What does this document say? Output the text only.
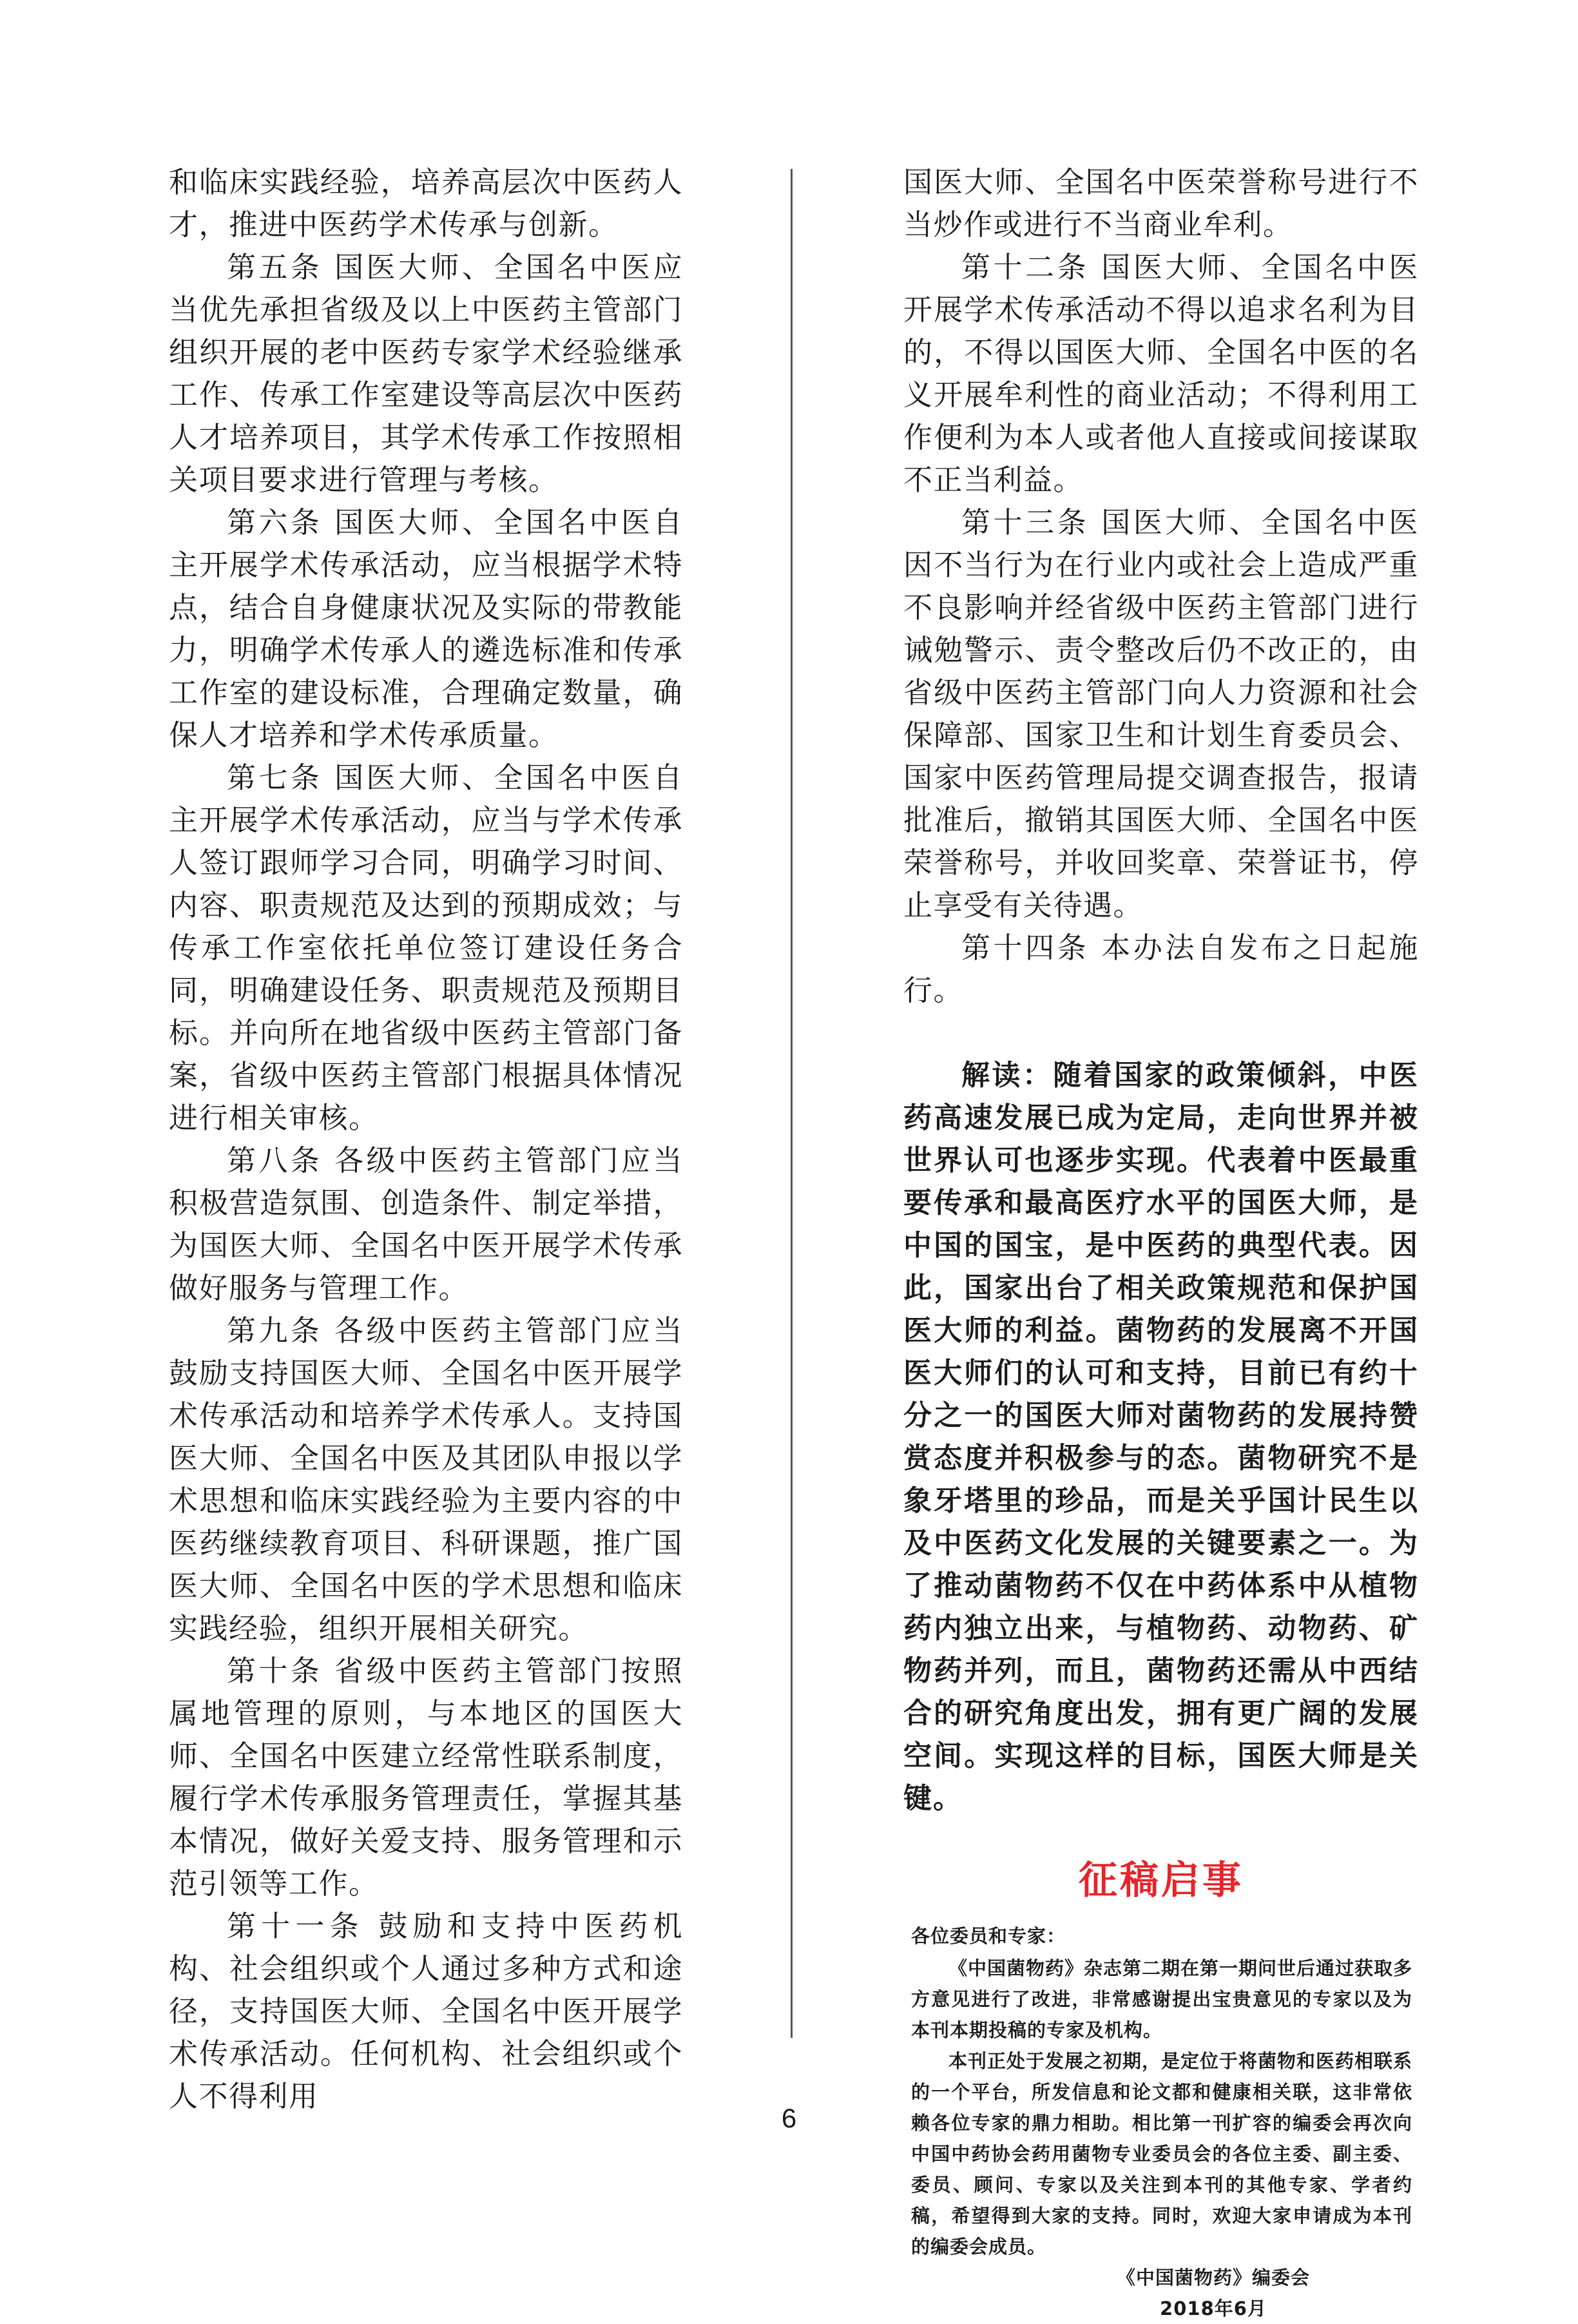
和临床实践经验，培养高层次中医药人才，推进中医药学术传承与创新。

第五条 国医大师、全国名中医应当优先承担省级及以上中医药主管部门组织开展的老中医药专家学术经验继承工作、传承工作室建设等高层次中医药人才培养项目，其学术传承工作按照相关项目要求进行管理与考核。

第六条 国医大师、全国名中医自主开展学术传承活动，应当根据学术特点，结合自身健康状况及实际的带教能力，明确学术传承人的遴选标准和传承工作室的建设标准，合理确定数量，确保人才培养和学术传承质量。

第七条 国医大师、全国名中医自主开展学术传承活动，应当与学术传承人签订跟师学习合同，明确学习时间、内容、职责规范及达到的预期成效；与传承工作室依托单位签订建设任务合同，明确建设任务、职责规范及预期目标。并向所在地省级中医药主管部门备案，省级中医药主管部门根据具体情况进行相关审核。

第八条 各级中医药主管部门应当积极营造氛围、创造条件、制定举措，为国医大师、全国名中医开展学术传承做好服务与管理工作。

第九条 各级中医药主管部门应当鼓励支持国医大师、全国名中医开展学术传承活动和培养学术传承人。支持国医大师、全国名中医及其团队申报以学术思想和临床实践经验为主要内容的中医药继续教育项目、科研课题，推广国医大师、全国名中医的学术思想和临床实践经验，组织开展相关研究。

第十条 省级中医药主管部门按照属地管理的原则，与本地区的国医大师、全国名中医建立经常性联系制度，履行学术传承服务管理责任，掌握其基本情况，做好关爱支持、服务管理和示范引领等工作。

第十一条 鼓励和支持中医药机构、社会组织或个人通过多种方式和途径，支持国医大师、全国名中医开展学术传承活动。任何机构、社会组织或个人不得利用

国医大师、全国名中医荣誉称号进行不当炒作或进行不当商业牟利。

第十二条 国医大师、全国名中医开展学术传承活动不得以追求名利为目的，不得以国医大师、全国名中医的名义开展牟利性的商业活动；不得利用工作便利为本人或者他人直接或间接谋取不正当利益。

第十三条 国医大师、全国名中医因不当行为在行业内或社会上造成严重不良影响并经省级中医药主管部门进行诫勉警示、责令整改后仍不改正的，由省级中医药主管部门向人力资源和社会保障部、国家卫生和计划生育委员会、国家中医药管理局提交调查报告，报请批准后，撤销其国医大师、全国名中医荣誉称号，并收回奖章、荣誉证书，停止享受有关待遇。

第十四条 本办法自发布之日起施行。

解读：随着国家的政策倾斜，中医药高速发展已成为定局，走向世界并被世界认可也逐步实现。代表着中医最重要传承和最高医疗水平的国医大师，是中国的国宝，是中医药的典型代表。因此，国家出台了相关政策规范和保护国医大师的利益。菌物药的发展离不开国医大师们的认可和支持，目前已有约十分之一的国医大师对菌物药的发展持赞赏态度并积极参与的态。菌物研究不是象牙塔里的珍品，而是关乎国计民生以及中医药文化发展的关键要素之一。为了推动菌物药不仅在中药体系中从植物药内独立出来，与植物药、动物药、矿物药并列，而且，菌物药还需从中西结合的研究角度出发，拥有更广阔的发展空间。实现这样的目标，国医大师是关键。

征稿启事

各位委员和专家：

《中国菌物药》杂志第二期在第一期问世后通过获取多方意见进行了改进，非常感谢提出宝贵意见的专家以及为本刊本期投稿的专家及机构。

本刊正处于发展之初期，是定位于将菌物和医药相联系的一个平台，所发信息和论文都和健康相关联，这非常依赖各位专家的鼎力相助。相比第一刊扩容的编委会再次向中国中药协会药用菌物专业委员会的各位主委、副主委、委员、顾问、专家以及关注到本刊的其他专家、学者约稿，希望得到大家的支持。同时，欢迎大家申请成为本刊的编委会成员。

《中国菌物药》编委会

2018年6月

6
